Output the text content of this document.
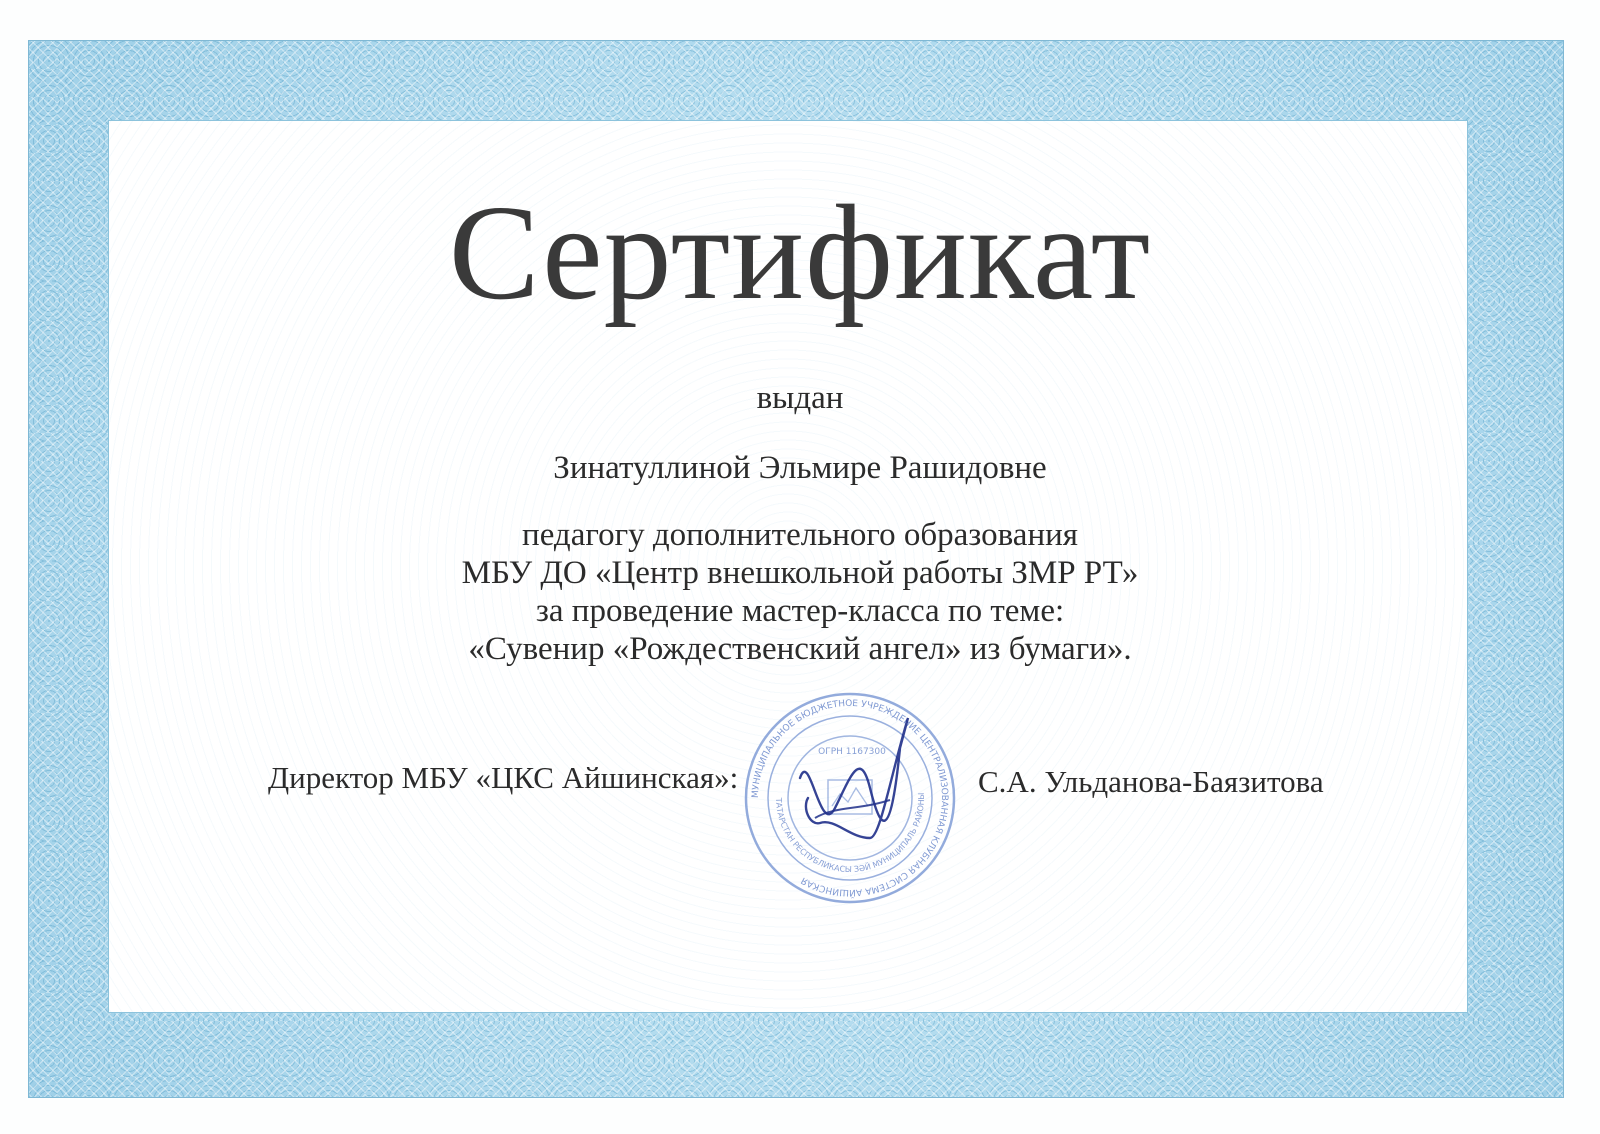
Сертификат
выдан
Зинатуллиной Эльмире Рашидовне
педагогу дополнительного образования
МБУ ДО «Центр внешкольной работы ЗМР РТ»
за проведение мастер-класса по теме:
«Сувенир «Рождественский ангел» из бумаги».
Директор МБУ «ЦКС Айшинская»: МУНИЦИПАЛЬНОЕ БЮДЖЕТНОЕ УЧРЕЖДЕНИЕ ЦЕНТРАЛИЗОВАННАЯ КЛУБНАЯ СИСТЕМА АЙШИНСКАЯ
ТАТАРСТАН РЕСПУБЛИКАСЫ ЗӘЙ МУНИЦИПАЛЬ РАЙОНЫ
ОГРН 1167300
С.А. Ульданова-Баязитова
